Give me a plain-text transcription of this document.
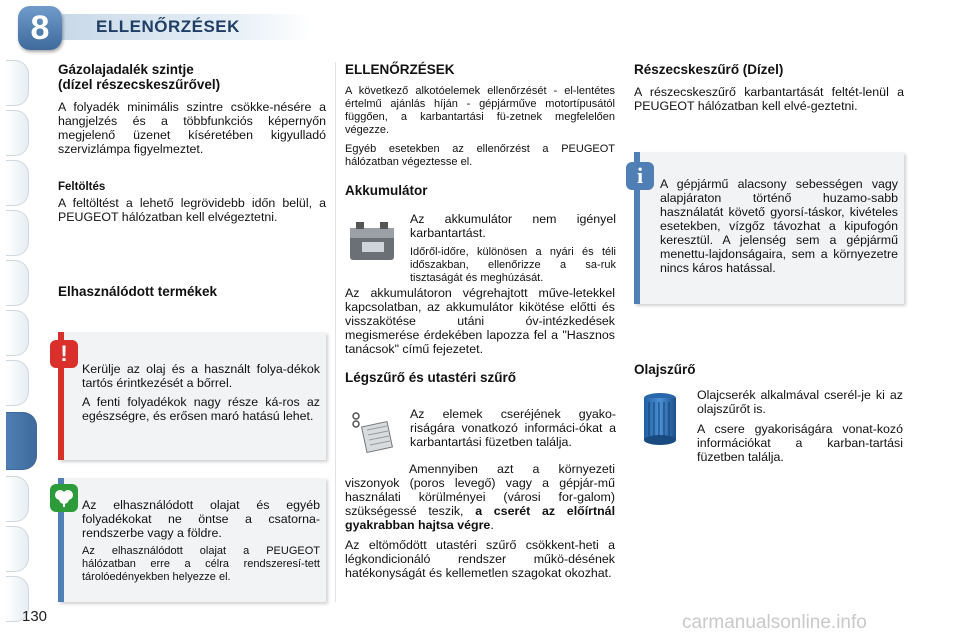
8	ELLENŐRZÉSEK
Gázolajadalék szintje
(dízel részecskeszűrővel)

A folyadék minimális szintre csökke-nésére a hangjelzés és a többfunkciós képernyőn megjelenő üzenet kíséretében kigyulladó szervizlámpa figyelmeztet.

Feltöltés

A feltöltést a lehető legrövidebb időn belül, a PEUGEOT hálózatban kell elvégeztetni.

Elhasználódott termékek
!

Kerülje az olaj és a használt folya-dékok tartós érintkezését a bőrrel.

A fenti folyadékok nagy része ká-ros az egészségre, és erősen maró hatású lehet.

Az elhasználódott olajat és egyéb folyadékokat ne öntse a csatorna-rendszerbe vagy a földre.

Az elhasználódott olajat a PEUGEOT hálózatban erre a célra rendszeresí-tett tárolóedényekben helyezze el.

ELLENŐRZÉSEK

A következő alkotóelemek ellenőrzését - el-lentétes értelmű ajánlás híján - gépjárműve motortípusától függően, a karbantartási fü-zetnek megfelelően végezze.

Egyéb esetekben az ellenőrzést a PEUGEOT hálózatban végeztesse el.

Akkumulátor

Az akkumulátor nem igényel karbantartást.

Időről-időre, különösen a nyári és téli időszakban, ellenőrizze a sa-ruk tisztaságát és meghúzását.

Az akkumulátoron végrehajtott műve-letekkel kapcsolatban, az akkumulátor kikötése előtti és visszakötése utáni óv-intézkedések megismerése érdekében lapozza fel a "Hasznos tanácsok" című fejezetet.

Légszűrő és utastéri szűrő

Az elemek cseréjének gyako-riságára vonatkozó informáci-ókat a karbantartási füzetben találja.

Amennyiben azt a környezeti viszonyok (poros levegő) vagy a gépjár-mű használati körülményei (városi for-galom) szükségessé teszik, a cserét az előírtnál gyakrabban hajtsa végre.

Az eltömődött utastéri szűrő csökkent-heti a légkondicionáló rendszer műkö-désének hatékonyságát és kellemetlen szagokat okozhat.

Részecskeszűrő (Dízel)

A részecskeszűrő karbantartását feltét-lenül a PEUGEOT hálózatban kell elvé-geztetni.

i	A gépjármű alacsony sebességen vagy alapjáraton történő huzamo-sabb használatát követő gyorsí-táskor, kivételes esetekben, vízgőz távozhat a kipufogón keresztül. A jelenség sem a gépjármű menettu-lajdonságaira, sem a környezetre nincs káros hatással.

Olajszűrő

Olajcserék alkalmával cserél-je ki az olajszűrőt is.

A csere gyakoriságára vonat-kozó információkat a karban-tartási füzetben találja.

130	carmanualsonline.info
